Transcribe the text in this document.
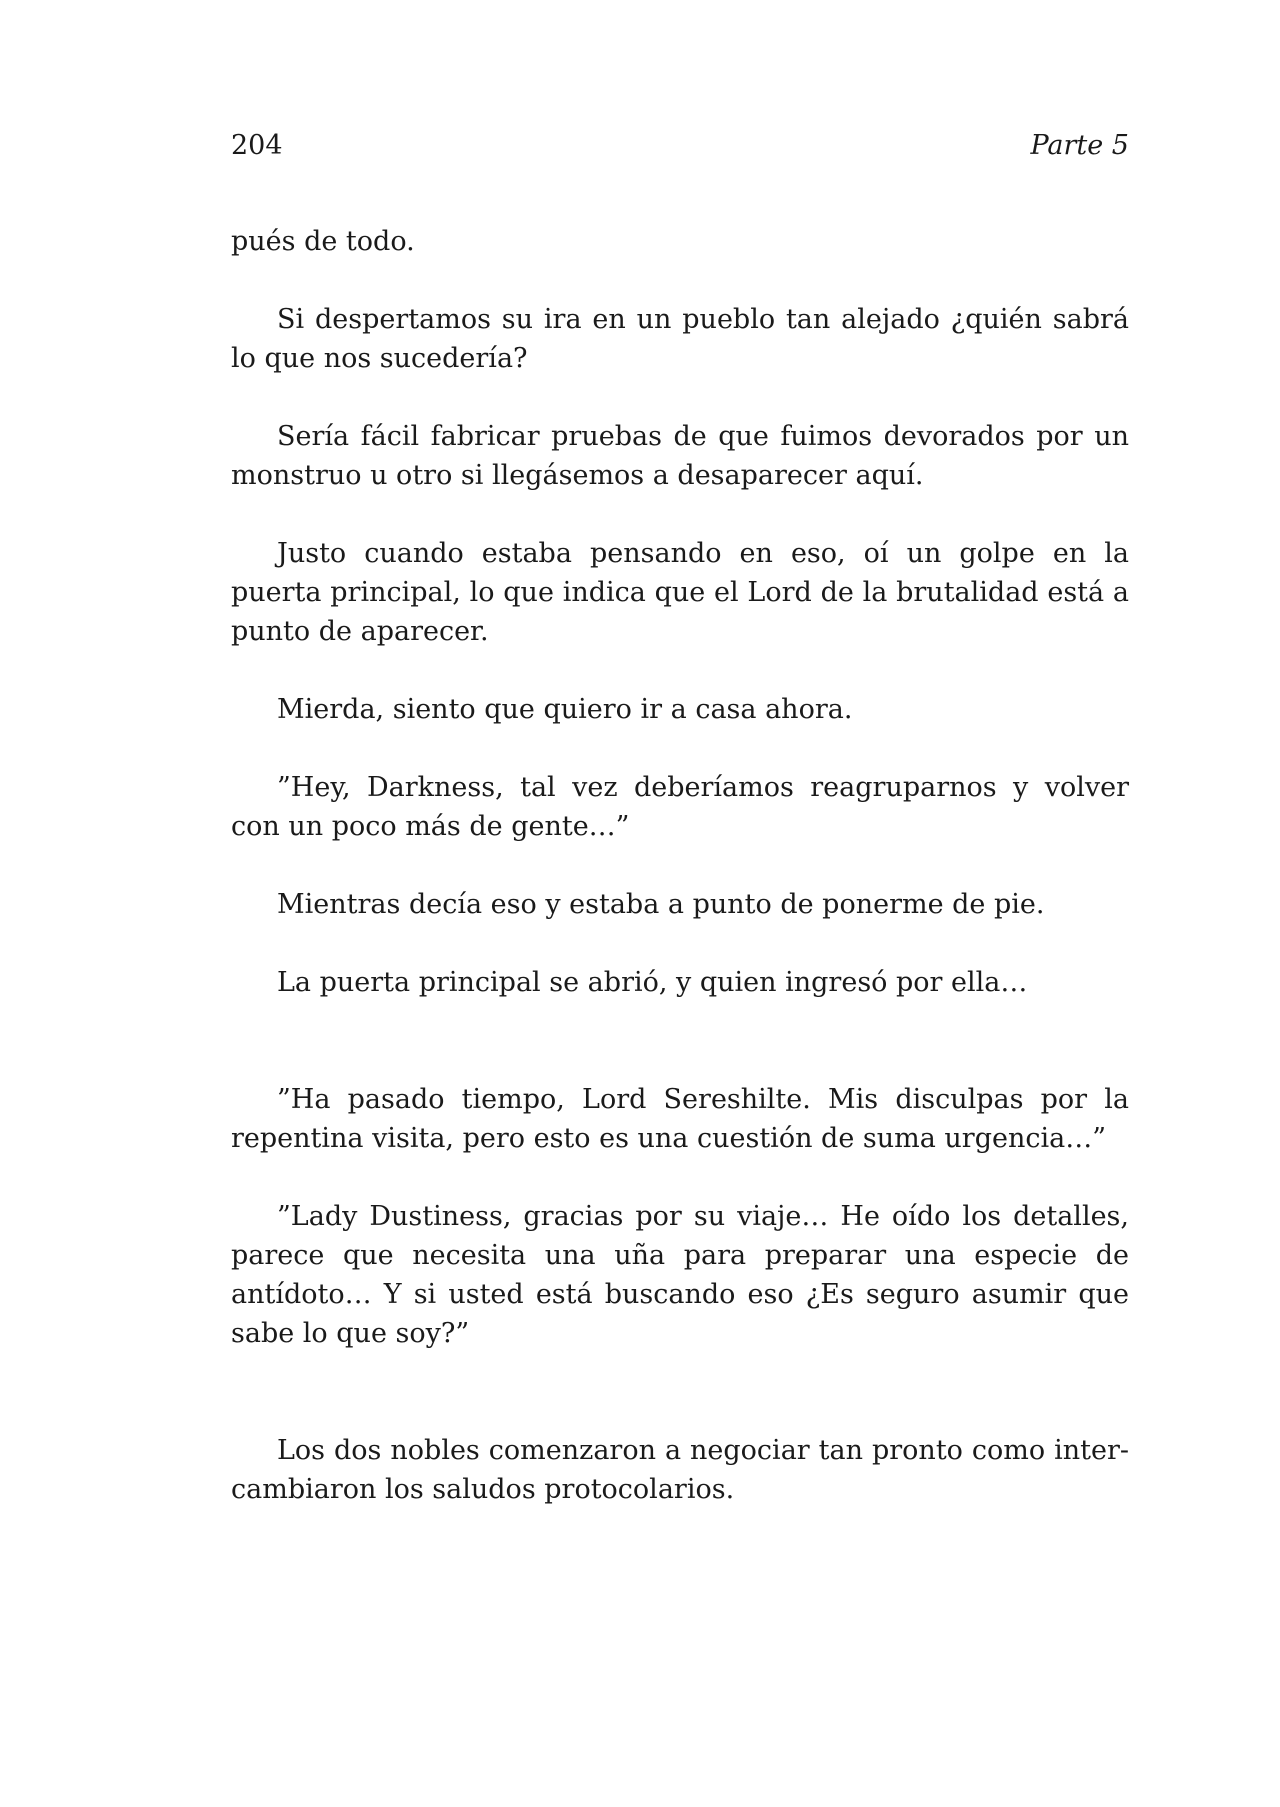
204	Parte 5

pués de todo.

Si despertamos su ira en un pueblo tan alejado ¿quién sabrá lo que nos sucedería?

Sería fácil fabricar pruebas de que fuimos devorados por un monstruo u otro si llegásemos a desaparecer aquí.

Justo cuando estaba pensando en eso, oí un golpe en la puerta principal, lo que indica que el Lord de la brutalidad está a punto de aparecer.

Mierda, siento que quiero ir a casa ahora.

”Hey, Darkness, tal vez deberíamos reagruparnos y volver con un poco más de gente…”

Mientras decía eso y estaba a punto de ponerme de pie.

La puerta principal se abrió, y quien ingresó por ella…

”Ha pasado tiempo, Lord Sereshilte. Mis disculpas por la repentina visita, pero esto es una cuestión de suma urgencia…”

”Lady Dustiness, gracias por su viaje… He oído los detalles, parece que necesita una uña para preparar una especie de antídoto… Y si usted está buscando eso ¿Es seguro asumir que sabe lo que soy?”

Los dos nobles comenzaron a negociar tan pronto como intercambiaron los saludos protocolarios.
